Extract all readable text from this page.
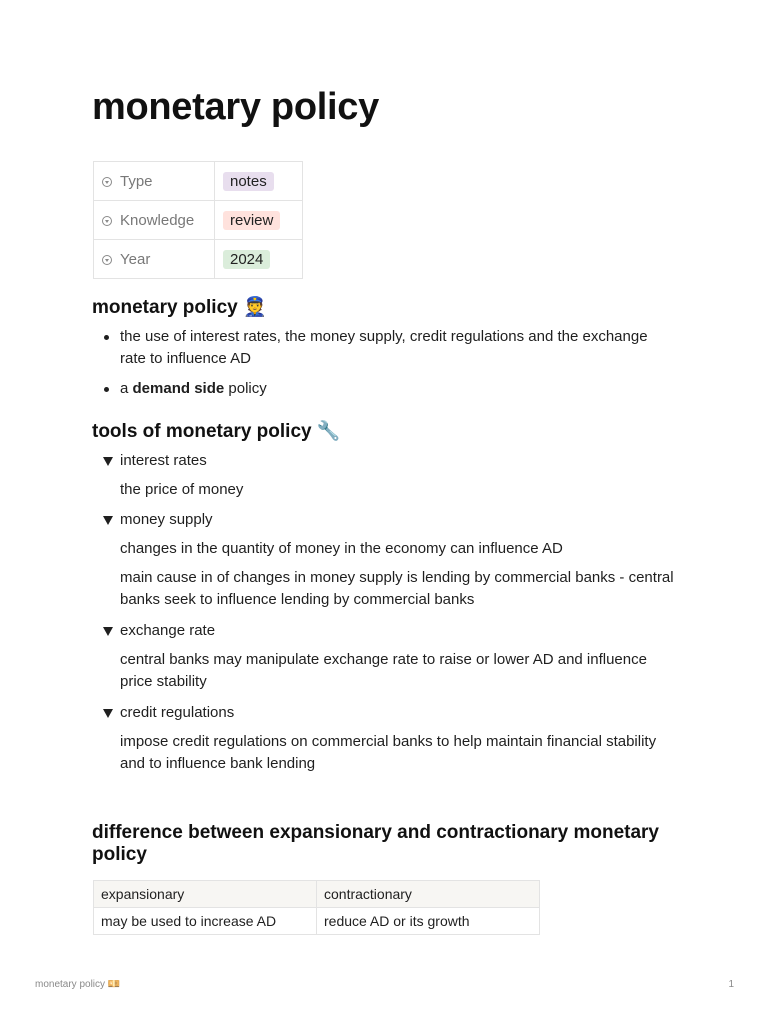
monetary policy
Type	notes
Knowledge	review
Year	2024
monetary policy 👮
the use of interest rates, the money supply, credit regulations and the exchange rate to influence AD
a demand side policy
tools of monetary policy 🔧
interest rates
the price of money
money supply
changes in the quantity of money in the economy can influence AD
main cause in of changes in money supply is lending by commercial banks - central banks seek to influence lending by commercial banks
exchange rate
central banks may manipulate exchange rate to raise or lower AD and influence price stability
credit regulations
impose credit regulations on commercial banks to help maintain financial stability and to influence bank lending
difference between expansionary and contractionary monetary policy
expansionary	contractionary
may be used to increase AD	reduce AD or its growth
monetary policy 💴	1
